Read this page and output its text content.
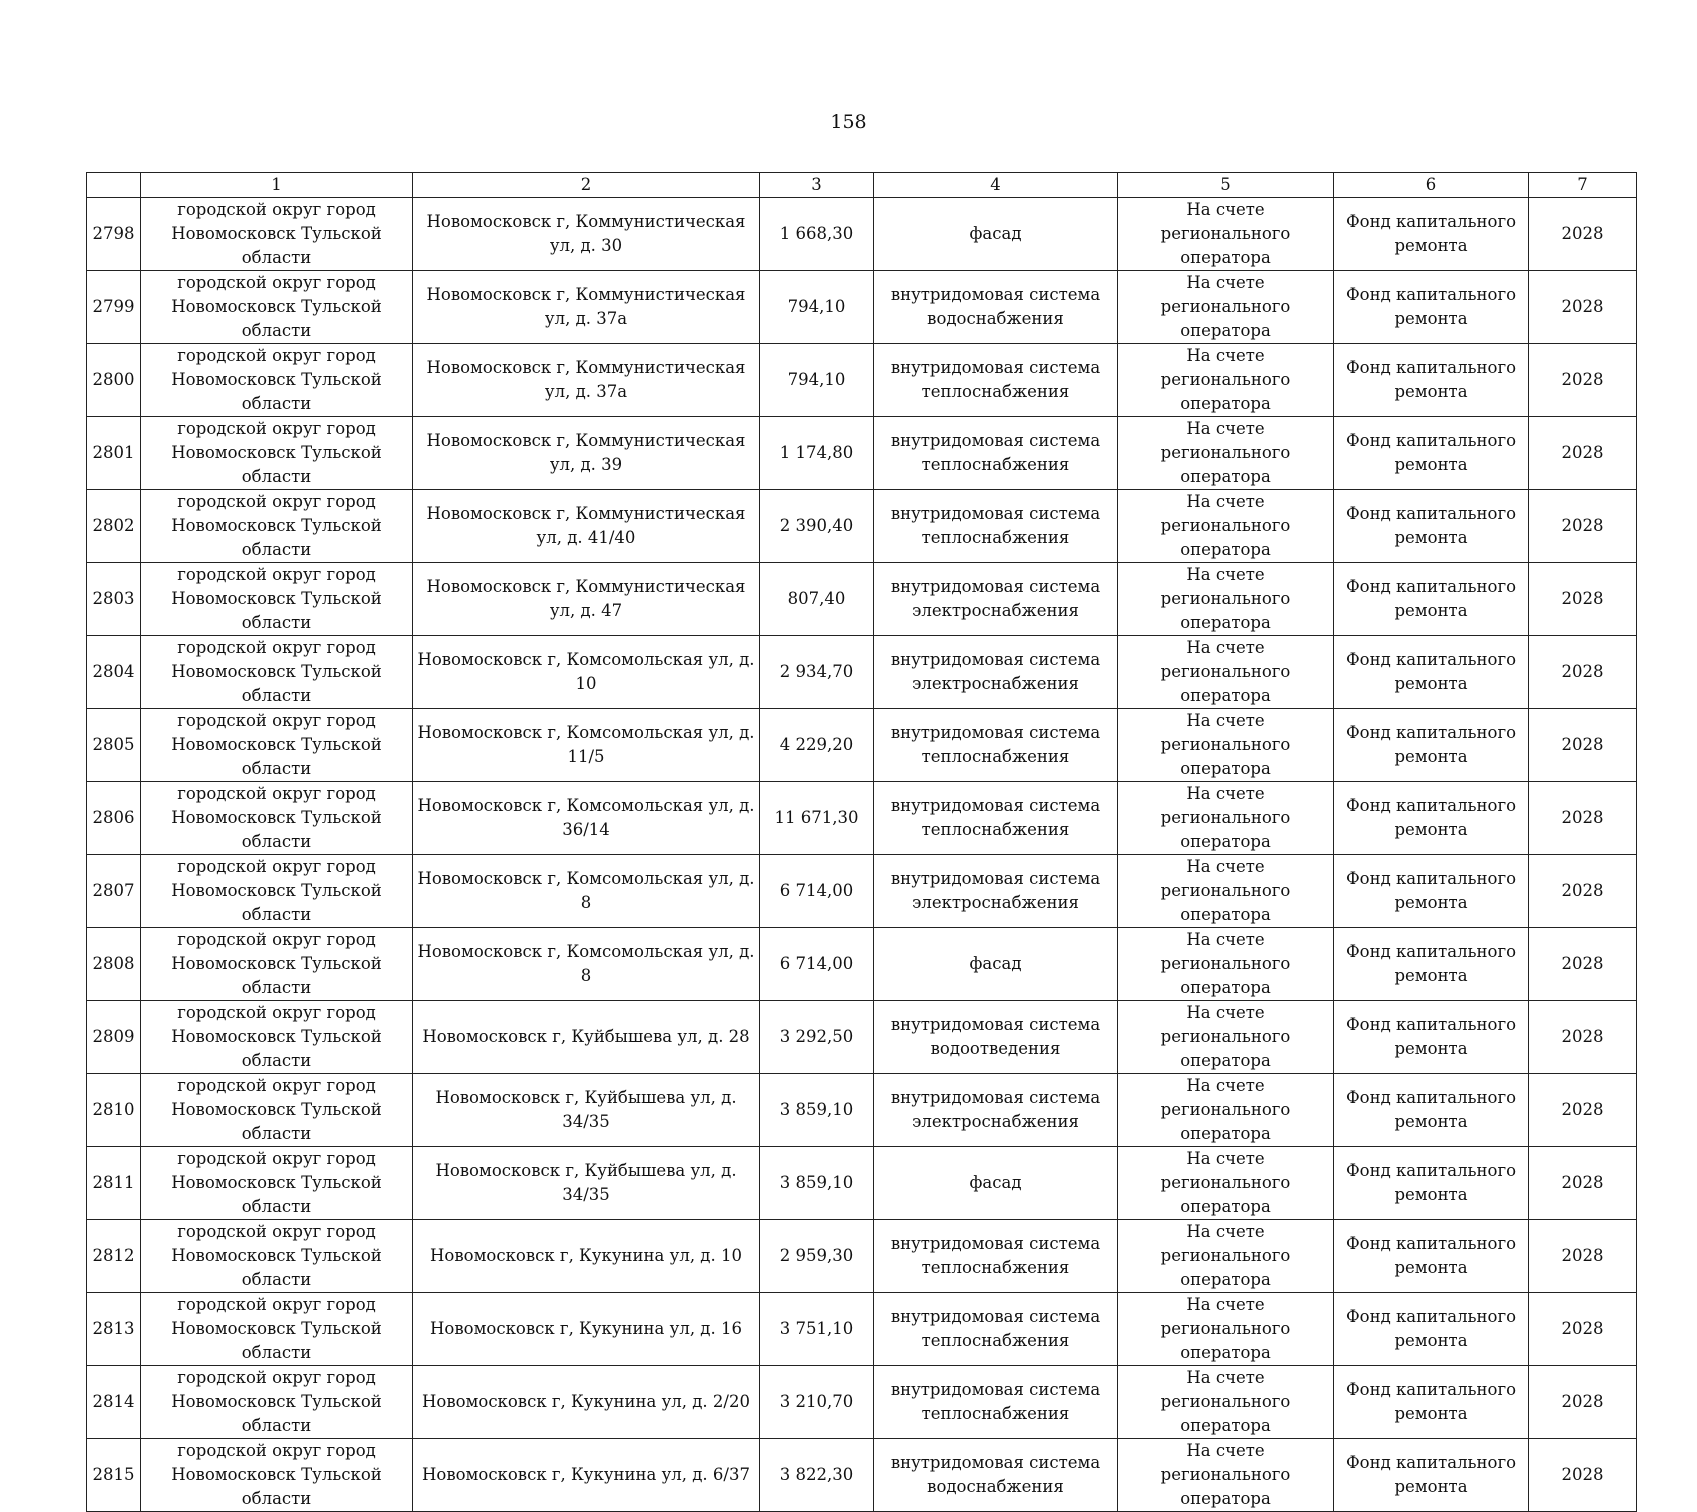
158
	1	2	3	4	5	6	7
2798	городской округ город Новомосковск Тульской области	Новомосковск г, Коммунистическая ул, д. 30	1 668,30	фасад	На счете регионального оператора	Фонд капитального ремонта	2028
2799	городской округ город Новомосковск Тульской области	Новомосковск г, Коммунистическая ул, д. 37а	794,10	внутридомовая система водоснабжения	На счете регионального оператора	Фонд капитального ремонта	2028
2800	городской округ город Новомосковск Тульской области	Новомосковск г, Коммунистическая ул, д. 37а	794,10	внутридомовая система теплоснабжения	На счете регионального оператора	Фонд капитального ремонта	2028
2801	городской округ город Новомосковск Тульской области	Новомосковск г, Коммунистическая ул, д. 39	1 174,80	внутридомовая система теплоснабжения	На счете регионального оператора	Фонд капитального ремонта	2028
2802	городской округ город Новомосковск Тульской области	Новомосковск г, Коммунистическая ул, д. 41/40	2 390,40	внутридомовая система теплоснабжения	На счете регионального оператора	Фонд капитального ремонта	2028
2803	городской округ город Новомосковск Тульской области	Новомосковск г, Коммунистическая ул, д. 47	807,40	внутридомовая система электроснабжения	На счете регионального оператора	Фонд капитального ремонта	2028
2804	городской округ город Новомосковск Тульской области	Новомосковск г, Комсомольская ул, д. 10	2 934,70	внутридомовая система электроснабжения	На счете регионального оператора	Фонд капитального ремонта	2028
2805	городской округ город Новомосковск Тульской области	Новомосковск г, Комсомольская ул, д. 11/5	4 229,20	внутридомовая система теплоснабжения	На счете регионального оператора	Фонд капитального ремонта	2028
2806	городской округ город Новомосковск Тульской области	Новомосковск г, Комсомольская ул, д. 36/14	11 671,30	внутридомовая система теплоснабжения	На счете регионального оператора	Фонд капитального ремонта	2028
2807	городской округ город Новомосковск Тульской области	Новомосковск г, Комсомольская ул, д. 8	6 714,00	внутридомовая система электроснабжения	На счете регионального оператора	Фонд капитального ремонта	2028
2808	городской округ город Новомосковск Тульской области	Новомосковск г, Комсомольская ул, д. 8	6 714,00	фасад	На счете регионального оператора	Фонд капитального ремонта	2028
2809	городской округ город Новомосковск Тульской области	Новомосковск г, Куйбышева ул, д. 28	3 292,50	внутридомовая система водоотведения	На счете регионального оператора	Фонд капитального ремонта	2028
2810	городской округ город Новомосковск Тульской области	Новомосковск г, Куйбышева ул, д. 34/35	3 859,10	внутридомовая система электроснабжения	На счете регионального оператора	Фонд капитального ремонта	2028
2811	городской округ город Новомосковск Тульской области	Новомосковск г, Куйбышева ул, д. 34/35	3 859,10	фасад	На счете регионального оператора	Фонд капитального ремонта	2028
2812	городской округ город Новомосковск Тульской области	Новомосковск г, Кукунина ул, д. 10	2 959,30	внутридомовая система теплоснабжения	На счете регионального оператора	Фонд капитального ремонта	2028
2813	городской округ город Новомосковск Тульской области	Новомосковск г, Кукунина ул, д. 16	3 751,10	внутридомовая система теплоснабжения	На счете регионального оператора	Фонд капитального ремонта	2028
2814	городской округ город Новомосковск Тульской области	Новомосковск г, Кукунина ул, д. 2/20	3 210,70	внутридомовая система теплоснабжения	На счете регионального оператора	Фонд капитального ремонта	2028
2815	городской округ город Новомосковск Тульской области	Новомосковск г, Кукунина ул, д. 6/37	3 822,30	внутридомовая система водоснабжения	На счете регионального оператора	Фонд капитального ремонта	2028
